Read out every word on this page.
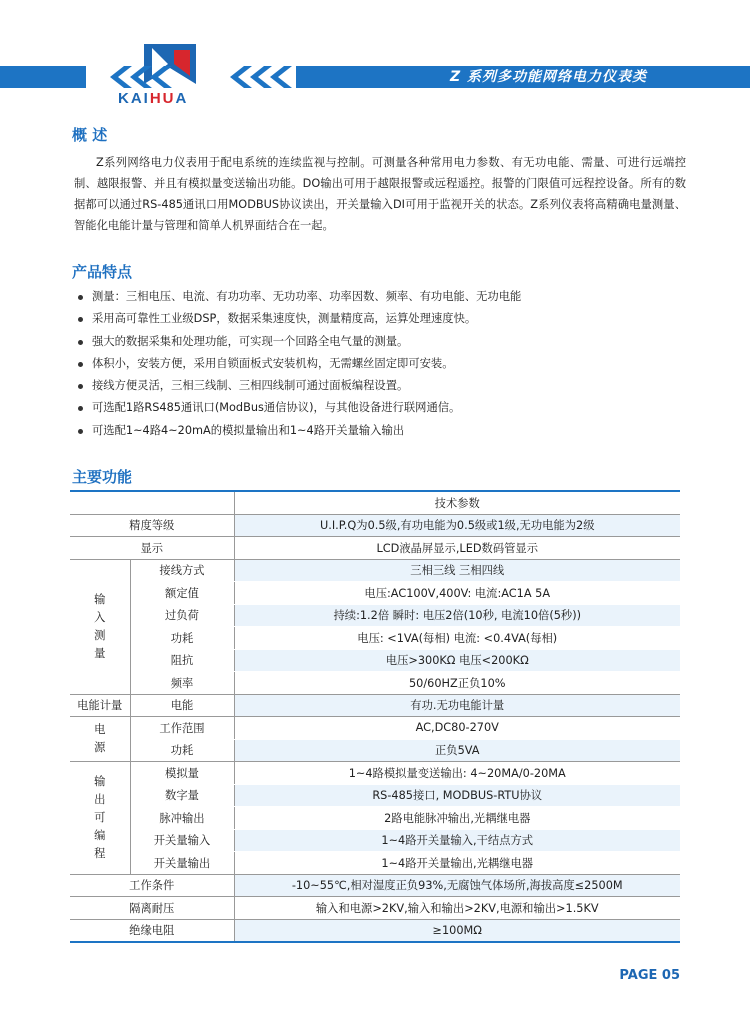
KAIHUA
Z 系列多功能网络电力仪表类
概 述
Z系列网络电力仪表用于配电系统的连续监视与控制。可测量各种常用电力参数、有无功电能、需量、可进行远端控制、越限报警、并且有模拟量变送输出功能。DO输出可用于越限报警或远程遥控。报警的门限值可远程控设备。所有的数据都可以通过RS-485通讯口用MODBUS协议读出，开关量输入DI可用于监视开关的状态。Z系列仪表将高精确电量测量、智能化电能计量与管理和简单人机界面结合在一起。
产品特点
测量：三相电压、电流、有功功率、无功功率、功率因数、频率、有功电能、无功电能
采用高可靠性工业级DSP，数据采集速度快，测量精度高，运算处理速度快。
强大的数据采集和处理功能，可实现一个回路全电气量的测量。
体积小，安装方便，采用自锁面板式安装机构，无需螺丝固定即可安装。
接线方便灵活，三相三线制、三相四线制可通过面板编程设置。
可选配1路RS485通讯口(ModBus通信协议)，与其他设备进行联网通信。
可选配1~4路4~20mA的模拟量输出和1~4路开关量输入输出
主要功能
		技术参数
精度等级		U.I.P.Q为0.5级,有功电能为0.5级或1级,无功电能为2级
显示		LCD液晶屏显示,LED数码管显示
输入测量	接线方式	三相三线 三相四线
	额定值	电压:AC100V,400V: 电流:AC1A 5A
	过负荷	持续:1.2倍 瞬时: 电压2倍(10秒, 电流10倍(5秒))
	功耗	电压: <1VA(每相) 电流: <0.4VA(每相)
	阻抗	电压>300KΩ 电压<200KΩ
	频率	50/60HZ正负10%
电能计量	电能	有功.无功电能计量
电源	工作范围	AC,DC80-270V
	功耗	正负5VA
输出可编程	模拟量	1~4路模拟量变送输出: 4~20MA/0-20MA
	数字量	RS-485接口, MODBUS-RTU协议
	脉冲输出	2路电能脉冲输出,光耦继电器
	开关量输入	1~4路开关量输入,干结点方式
	开关量输出	1~4路开关量输出,光耦继电器
工作条件		-10~55℃,相对湿度正负93%,无腐蚀气体场所,海拔高度≤2500M
隔离耐压		输入和电源>2KV,输入和输出>2KV,电源和输出>1.5KV
绝缘电阻		≥100MΩ
PAGE 05
